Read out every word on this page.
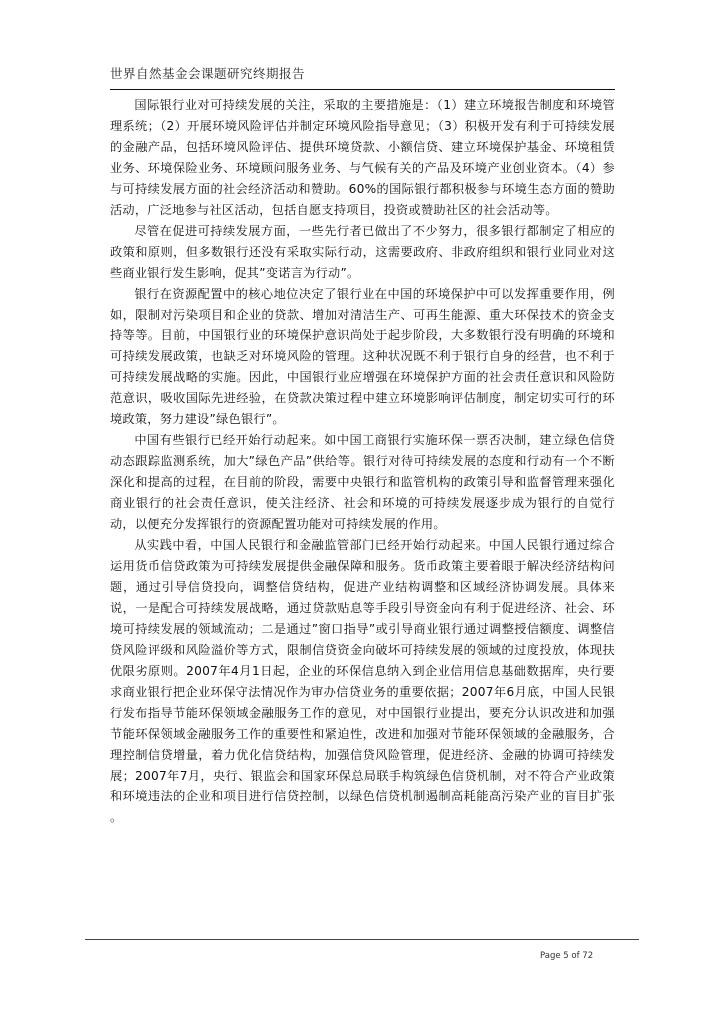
世界自然基金会课题研究终期报告

国际银行业对可持续发展的关注，采取的主要措施是：（1）建立环境报告制度和环境管理系统；（2）开展环境风险评估并制定环境风险指导意见；（3）积极开发有利于可持续发展的金融产品，包括环境风险评估、提供环境贷款、小额信贷、建立环境保护基金、环境租赁业务、环境保险业务、环境顾问服务业务、与气候有关的产品及环境产业创业资本。（4）参与可持续发展方面的社会经济活动和赞助。60%的国际银行都积极参与环境生态方面的赞助活动，广泛地参与社区活动，包括自愿支持项目，投资或赞助社区的社会活动等。

尽管在促进可持续发展方面，一些先行者已做出了不少努力，很多银行都制定了相应的政策和原则，但多数银行还没有采取实际行动，这需要政府、非政府组织和银行业同业对这些商业银行发生影响，促其”变诺言为行动”。

银行在资源配置中的核心地位决定了银行业在中国的环境保护中可以发挥重要作用，例如，限制对污染项目和企业的贷款、增加对清洁生产、可再生能源、重大环保技术的资金支持等等。目前，中国银行业的环境保护意识尚处于起步阶段，大多数银行没有明确的环境和可持续发展政策，也缺乏对环境风险的管理。这种状况既不利于银行自身的经营，也不利于可持续发展战略的实施。因此，中国银行业应增强在环境保护方面的社会责任意识和风险防范意识，吸收国际先进经验，在贷款决策过程中建立环境影响评估制度，制定切实可行的环境政策，努力建设”绿色银行”。

中国有些银行已经开始行动起来。如中国工商银行实施环保一票否决制，建立绿色信贷动态跟踪监测系统，加大”绿色产品”供给等。银行对待可持续发展的态度和行动有一个不断深化和提高的过程，在目前的阶段，需要中央银行和监管机构的政策引导和监督管理来强化商业银行的社会责任意识，使关注经济、社会和环境的可持续发展逐步成为银行的自觉行动，以便充分发挥银行的资源配置功能对可持续发展的作用。

从实践中看，中国人民银行和金融监管部门已经开始行动起来。中国人民银行通过综合运用货币信贷政策为可持续发展提供金融保障和服务。货币政策主要着眼于解决经济结构问题，通过引导信贷投向，调整信贷结构，促进产业结构调整和区域经济协调发展。具体来说，一是配合可持续发展战略，通过贷款贴息等手段引导资金向有利于促进经济、社会、环境可持续发展的领域流动；二是通过”窗口指导”或引导商业银行通过调整授信额度、调整信贷风险评级和风险溢价等方式，限制信贷资金向破坏可持续发展的领域的过度投放，体现扶优限劣原则。2007年4月1日起，企业的环保信息纳入到企业信用信息基础数据库，央行要求商业银行把企业环保守法情况作为审办信贷业务的重要依据；2007年6月底，中国人民银行发布指导节能环保领域金融服务工作的意见，对中国银行业提出，要充分认识改进和加强节能环保领域金融服务工作的重要性和紧迫性，改进和加强对节能环保领域的金融服务，合理控制信贷增量，着力优化信贷结构，加强信贷风险管理，促进经济、金融的协调可持续发展；2007年7月，央行、银监会和国家环保总局联手构筑绿色信贷机制，对不符合产业政策和环境违法的企业和项目进行信贷控制，以绿色信贷机制遏制高耗能高污染产业的盲目扩张 。

Page 5 of 72
